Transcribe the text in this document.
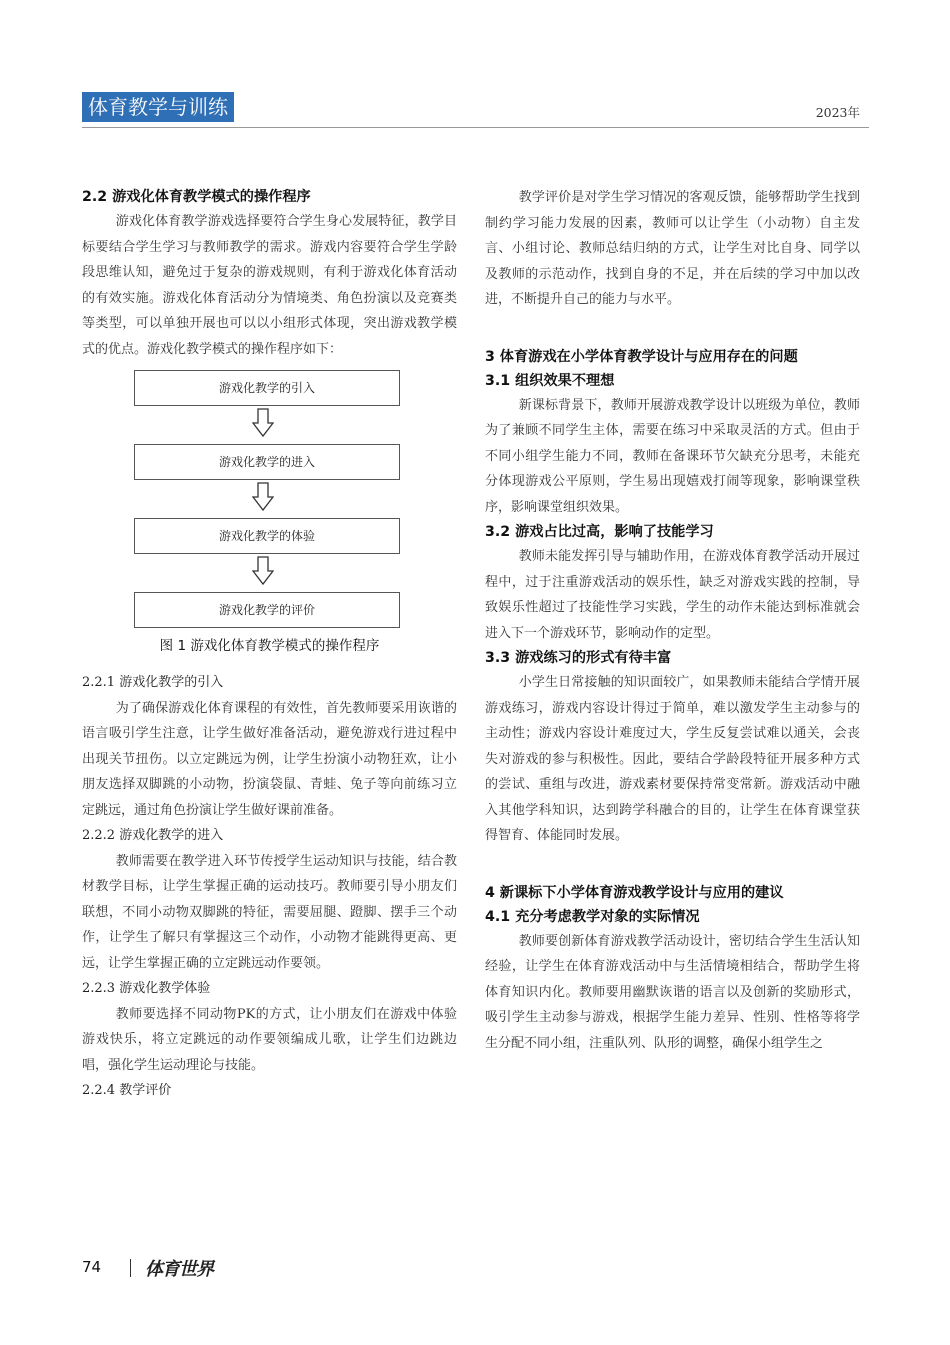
体育教学与训练	2023年
2.2 游戏化体育教学模式的操作程序

游戏化体育教学游戏选择要符合学生身心发展特征，教学目标要结合学生学习与教师教学的需求。游戏内容要符合学生学龄段思维认知，避免过于复杂的游戏规则，有利于游戏化体育活动的有效实施。游戏化体育活动分为情境类、角色扮演以及竞赛类等类型，可以单独开展也可以以小组形式体现，突出游戏教学模式的优点。游戏化教学模式的操作程序如下：

游戏化教学的引入
游戏化教学的进入
游戏化教学的体验
游戏化教学的评价
图 1 游戏化体育教学模式的操作程序

2.2.1 游戏化教学的引入

为了确保游戏化体育课程的有效性，首先教师要采用诙谐的语言吸引学生注意，让学生做好准备活动，避免游戏行进过程中出现关节扭伤。以立定跳远为例，让学生扮演小动物狂欢，让小朋友选择双脚跳的小动物，扮演袋鼠、青蛙、兔子等向前练习立定跳远，通过角色扮演让学生做好课前准备。

2.2.2 游戏化教学的进入

教师需要在教学进入环节传授学生运动知识与技能，结合教材教学目标，让学生掌握正确的运动技巧。教师要引导小朋友们联想，不同小动物双脚跳的特征，需要屈腿、蹬脚、摆手三个动作，让学生了解只有掌握这三个动作，小动物才能跳得更高、更远，让学生掌握正确的立定跳远动作要领。

2.2.3 游戏化教学体验

教师要选择不同动物PK的方式，让小朋友们在游戏中体验游戏快乐，将立定跳远的动作要领编成儿歌，让学生们边跳边唱，强化学生运动理论与技能。

2.2.4 教学评价

教学评价是对学生学习情况的客观反馈，能够帮助学生找到制约学习能力发展的因素，教师可以让学生（小动物）自主发言、小组讨论、教师总结归纳的方式，让学生对比自身、同学以及教师的示范动作，找到自身的不足，并在后续的学习中加以改进，不断提升自己的能力与水平。

3 体育游戏在小学体育教学设计与应用存在的问题
3.1 组织效果不理想

新课标背景下，教师开展游戏教学设计以班级为单位，教师为了兼顾不同学生主体，需要在练习中采取灵活的方式。但由于不同小组学生能力不同，教师在备课环节欠缺充分思考，未能充分体现游戏公平原则，学生易出现嬉戏打闹等现象，影响课堂秩序，影响课堂组织效果。

3.2 游戏占比过高，影响了技能学习

教师未能发挥引导与辅助作用，在游戏体育教学活动开展过程中，过于注重游戏活动的娱乐性，缺乏对游戏实践的控制，导致娱乐性超过了技能性学习实践，学生的动作未能达到标准就会进入下一个游戏环节，影响动作的定型。

3.3 游戏练习的形式有待丰富

小学生日常接触的知识面较广，如果教师未能结合学情开展游戏练习，游戏内容设计得过于简单，难以激发学生主动参与的主动性；游戏内容设计难度过大，学生反复尝试难以通关，会丧失对游戏的参与积极性。因此，要结合学龄段特征开展多种方式的尝试、重组与改进，游戏素材要保持常变常新。游戏活动中融入其他学科知识，达到跨学科融合的目的，让学生在体育课堂获得智育、体能同时发展。

4 新课标下小学体育游戏教学设计与应用的建议
4.1 充分考虑教学对象的实际情况

教师要创新体育游戏教学活动设计，密切结合学生生活认知经验，让学生在体育游戏活动中与生活情境相结合，帮助学生将体育知识内化。教师要用幽默诙谐的语言以及创新的奖励形式，吸引学生主动参与游戏，根据学生能力差异、性别、性格等将学生分配不同小组，注重队列、队形的调整，确保小组学生之

74 体育世界
